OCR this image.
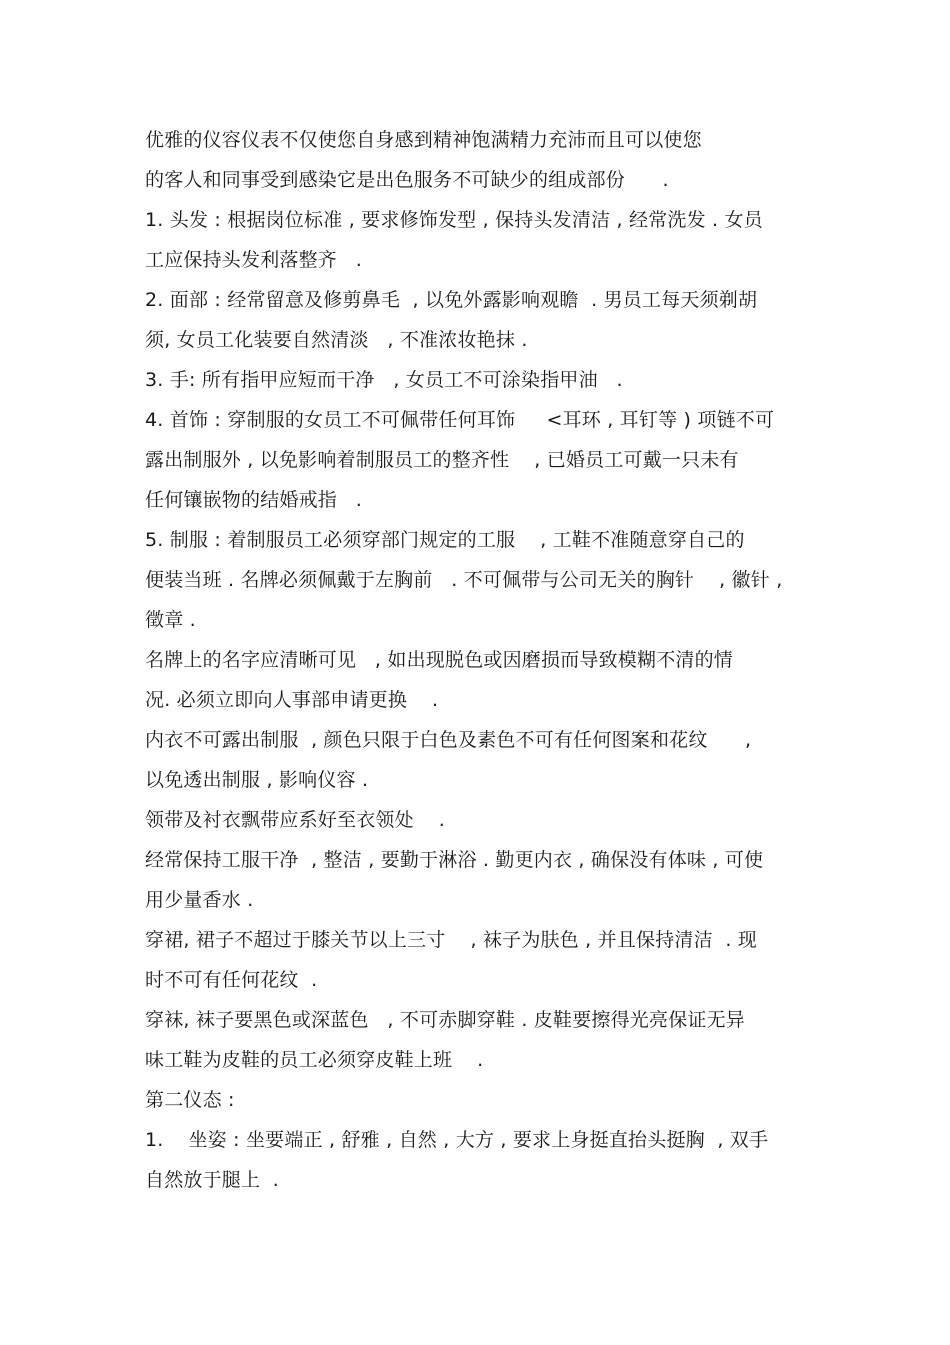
优雅的仪容仪表不仅使您自身感到精神饱满精力充沛而且可以使您
的客人和同事受到感染它是出色服务不可缺少的组成部份      .
1. 头发 : 根据岗位标准 , 要求修饰发型 , 保持头发清洁 , 经常洗发 . 女员
工应保持头发利落整齐   .
2. 面部 : 经常留意及修剪鼻毛  , 以免外露影响观瞻  . 男员工每天须剃胡
须, 女员工化装要自然清淡   , 不准浓妆艳抹 .
3. 手: 所有指甲应短而干净   , 女员工不可涂染指甲油   .
4. 首饰 : 穿制服的女员工不可佩带任何耳饰     <耳环 , 耳钉等 ) 项链不可
露出制服外 , 以免影响着制服员工的整齐性    , 已婚员工可戴一只未有
任何镶嵌物的结婚戒指   .
5. 制服 : 着制服员工必须穿部门规定的工服    , 工鞋不准随意穿自己的
便装当班 . 名牌必须佩戴于左胸前   . 不可佩带与公司无关的胸针    , 徽针 ,
徵章 .
名牌上的名字应清晰可见   , 如出现脱色或因磨损而导致模糊不清的情
况. 必须立即向人事部申请更换    .
内衣不可露出制服  , 颜色只限于白色及素色不可有任何图案和花纹      ,
以免透出制服 , 影响仪容 .
领带及衬衣飘带应系好至衣领处    .
经常保持工服干净  , 整洁 , 要勤于淋浴 . 勤更内衣 , 确保没有体味 , 可使
用少量香水 .
穿裙, 裙子不超过于膝关节以上三寸    , 袜子为肤色 , 并且保持清洁  . 现
时不可有任何花纹  .
穿袜, 袜子要黑色或深蓝色   , 不可赤脚穿鞋 . 皮鞋要擦得光亮保证无异
味工鞋为皮鞋的员工必须穿皮鞋上班    .
第二仪态 :
1.    坐姿 : 坐要端正 , 舒雅 , 自然 , 大方 , 要求上身挺直抬头挺胸  , 双手
自然放于腿上  .
